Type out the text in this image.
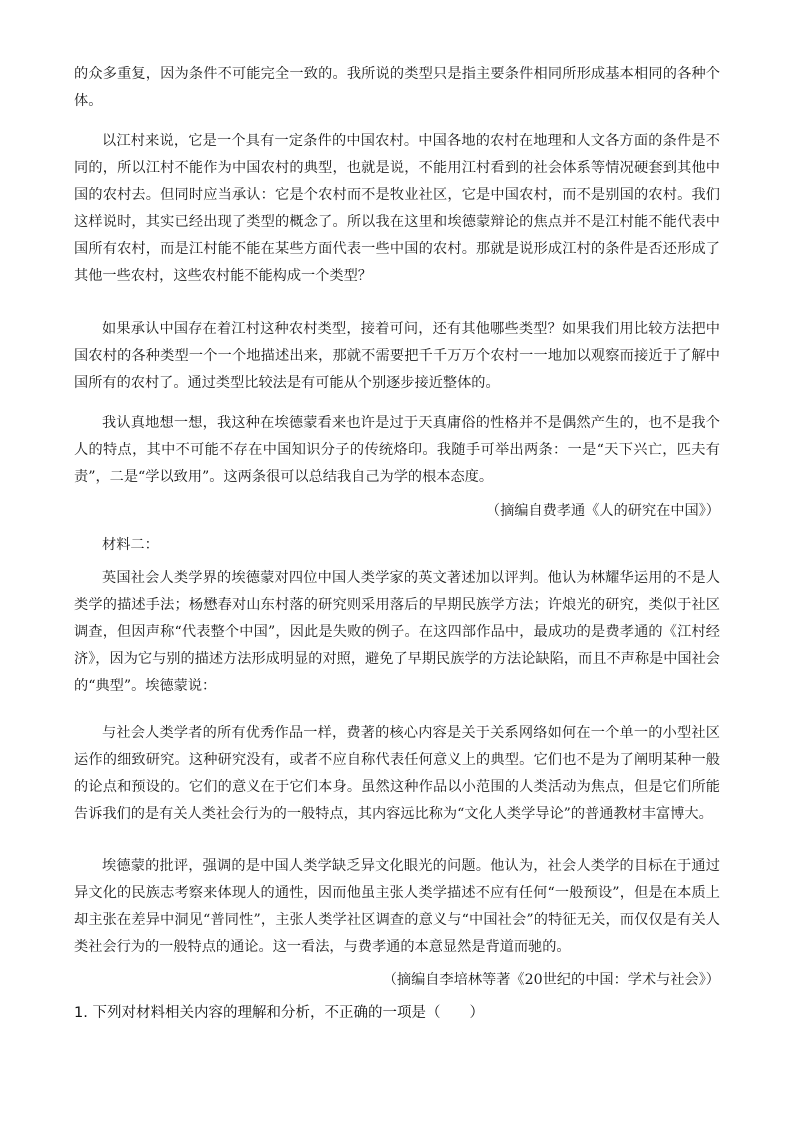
的众多重复，因为条件不可能完全一致的。我所说的类型只是指主要条件相同所形成基本相同的各种个体。

以江村来说，它是一个具有一定条件的中国农村。中国各地的农村在地理和人文各方面的条件是不同的，所以江村不能作为中国农村的典型，也就是说，不能用江村看到的社会体系等情况硬套到其他中国的农村去。但同时应当承认：它是个农村而不是牧业社区，它是中国农村，而不是别国的农村。我们这样说时，其实已经出现了类型的概念了。所以我在这里和埃德蒙辩论的焦点并不是江村能不能代表中国所有农村，而是江村能不能在某些方面代表一些中国的农村。那就是说形成江村的条件是否还形成了其他一些农村，这些农村能不能构成一个类型？

如果承认中国存在着江村这种农村类型，接着可问，还有其他哪些类型？如果我们用比较方法把中国农村的各种类型一个一个地描述出来，那就不需要把千千万万个农村一一地加以观察而接近于了解中国所有的农村了。通过类型比较法是有可能从个别逐步接近整体的。

我认真地想一想，我这种在埃德蒙看来也许是过于天真庸俗的性格并不是偶然产生的，也不是我个人的特点，其中不可能不存在中国知识分子的传统烙印。我随手可举出两条：一是“天下兴亡，匹夫有责”，二是“学以致用”。这两条很可以总结我自己为学的根本态度。

（摘编自费孝通《人的研究在中国》）

材料二：

英国社会人类学界的埃德蒙对四位中国人类学家的英文著述加以评判。他认为林耀华运用的不是人类学的描述手法；杨懋春对山东村落的研究则采用落后的早期民族学方法；许烺光的研究，类似于社区调查，但因声称“代表整个中国”，因此是失败的例子。在这四部作品中，最成功的是费孝通的《江村经济》，因为它与别的描述方法形成明显的对照，避免了早期民族学的方法论缺陷，而且不声称是中国社会的“典型”。埃德蒙说：

与社会人类学者的所有优秀作品一样，费著的核心内容是关于关系网络如何在一个单一的小型社区运作的细致研究。这种研究没有，或者不应自称代表任何意义上的典型。它们也不是为了阐明某种一般的论点和预设的。它们的意义在于它们本身。虽然这种作品以小范围的人类活动为焦点，但是它们所能告诉我们的是有关人类社会行为的一般特点，其内容远比称为“文化人类学导论”的普通教材丰富博大。

埃德蒙的批评，强调的是中国人类学缺乏异文化眼光的问题。他认为，社会人类学的目标在于通过异文化的民族志考察来体现人的通性，因而他虽主张人类学描述不应有任何“一般预设”，但是在本质上却主张在差异中洞见“普同性”，主张人类学社区调查的意义与“中国社会”的特征无关，而仅仅是有关人类社会行为的一般特点的通论。这一看法，与费孝通的本意显然是背道而驰的。

（摘编自李培林等著《20世纪的中国：学术与社会》）

1. 下列对材料相关内容的理解和分析，不正确的一项是（　　）
